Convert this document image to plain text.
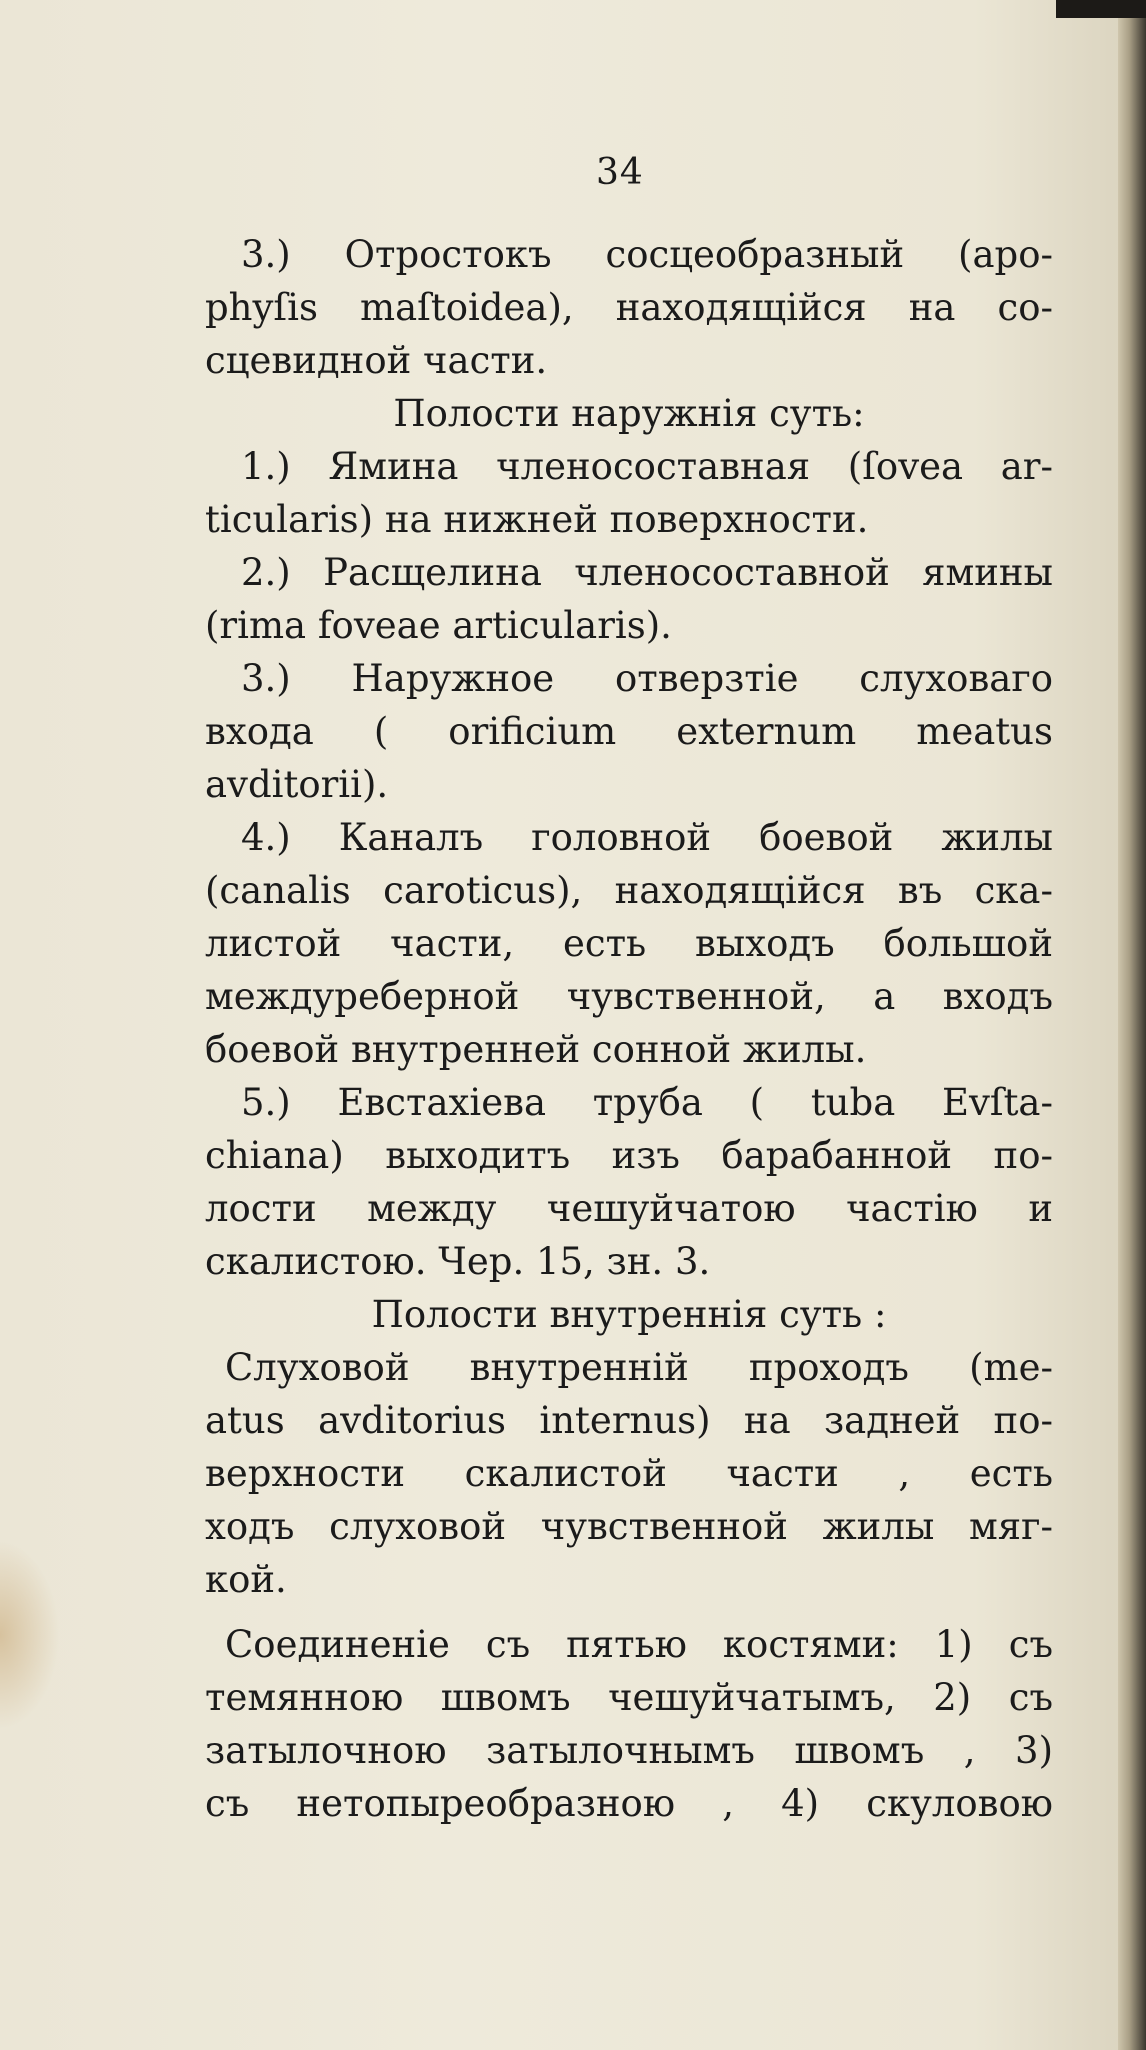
34
3.) Отростокъ сосцеобразный (apo-
phyſis maſtoidea), находящійся на со-
сцевидной части.
Полости наружнія суть:
1.) Ямина членосоставная (ſovea ar-
ticularis) на нижней поверхности.
2.) Расщелина членосоставной ямины
(rima foveae articularis).
3.) Наружное отверзтіе слуховаго
входа ( orificium externum meatus
avditorii).
4.) Каналъ головной боевой жилы
(canalis caroticus), находящійся въ ска-
листой части, есть выходъ большой
междуреберной чувственной, а входъ
боевой внутренней сонной жилы.
5.) Евстахіева труба ( tuba Evſta-
chiana) выходитъ изъ барабанной по-
лости между чешуйчатою частію и
скалистою. Чер. 15, зн. 3.
Полости внутреннія суть :
Слуховой внутренній проходъ (me-
atus avditorius internus) на задней по-
верхности скалистой части , есть
ходъ слуховой чувственной жилы мяг-
кой.
Соединеніе съ пятью костями: 1) съ
темянною швомъ чешуйчатымъ, 2) съ
затылочною затылочнымъ швомъ , 3)
съ нетопыреобразною , 4) скуловою
